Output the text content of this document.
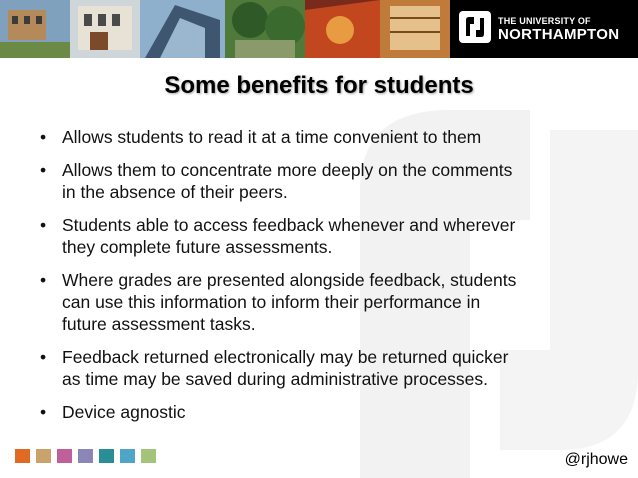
THE UNIVERSITY OF
NORTHAMPTON
Some benefits for students
• Allows students to read it at a time convenient to them
• Allows them to concentrate more deeply on the comments
in the absence of their peers.
• Students able to access feedback whenever and wherever
they complete future assessments.
• Where grades are presented alongside feedback, students
can use this information to inform their performance in
future assessment tasks.
• Feedback returned electronically may be returned quicker
as time may be saved during administrative processes.
• Device agnostic
@rjhowe
